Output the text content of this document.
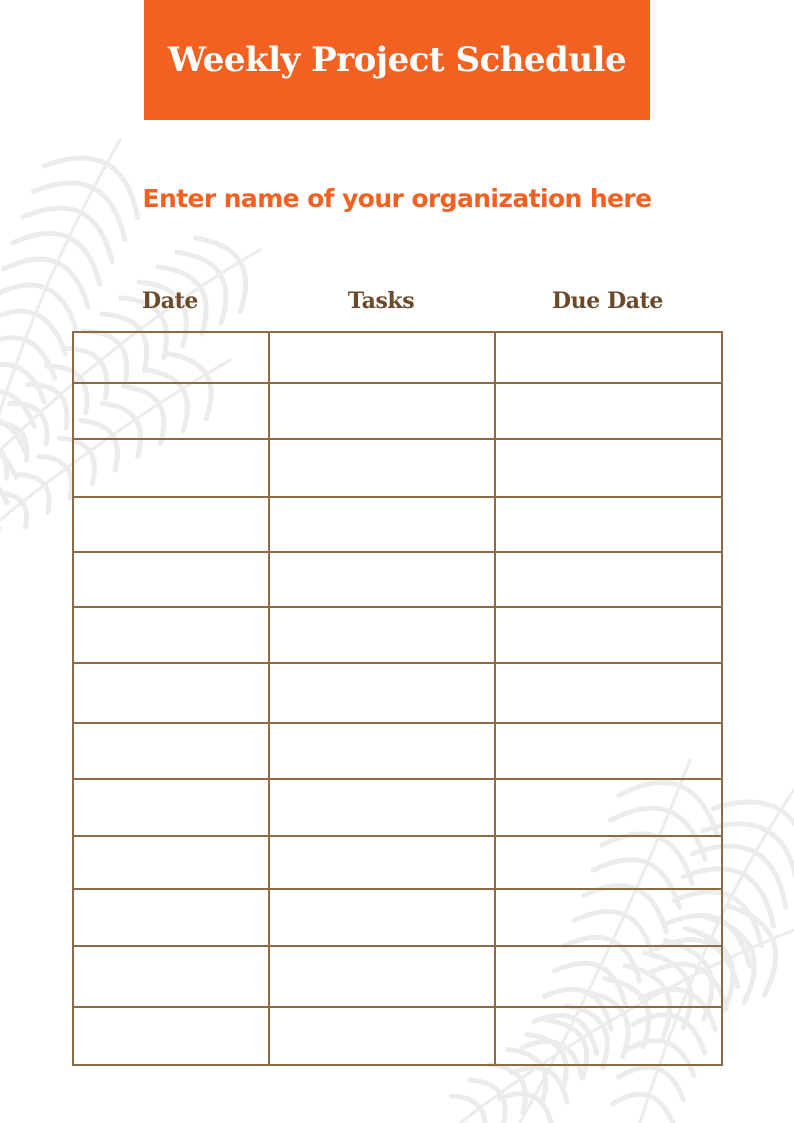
Weekly Project Schedule
Enter name of your organization here
Date	Tasks	Due Date
